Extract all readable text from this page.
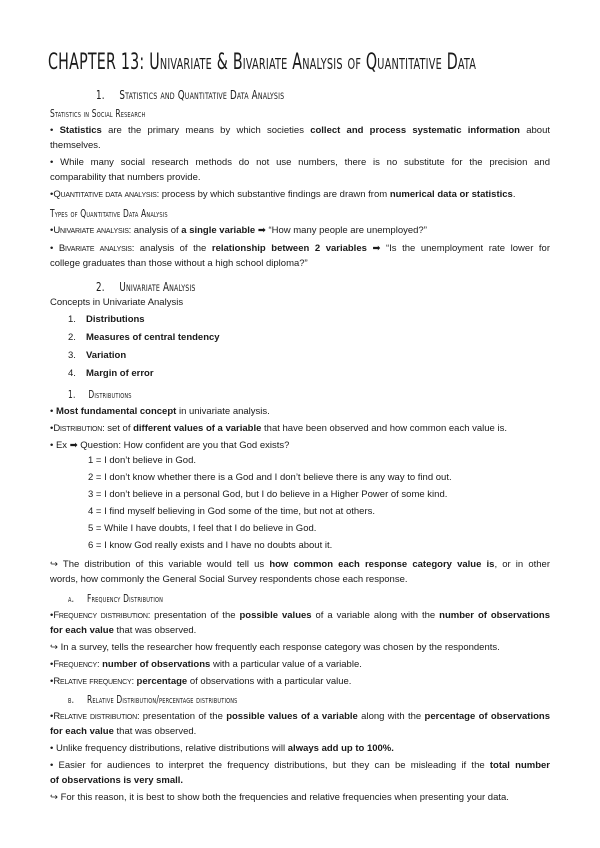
CHAPTER 13: Univariate & Bivariate Analysis of Quantitative Data
1. Statistics and Quantitative Data Analysis
Statistics in Social Research
• Statistics are the primary means by which societies collect and process systematic information about
themselves.
• While many social research methods do not use numbers, there is no substitute for the precision and
comparability that numbers provide.
•Quantitative data analysis: process by which substantive findings are drawn from numerical data or statistics.
Types of Quantitative Data Analysis
•Univariate analysis: analysis of a single variable ➡ “How many people are unemployed?”
• Bivariate analysis: analysis of the relationship between 2 variables ➡ “Is the unemployment rate lower for
college graduates than those without a high school diploma?”
2. Univariate Analysis
Concepts in Univariate Analysis
1. Distributions
2. Measures of central tendency
3. Variation
4. Margin of error
1. Distributions
• Most fundamental concept in univariate analysis.
•Distribution: set of different values of a variable that have been observed and how common each value is.
• Ex ➡ Question: How confident are you that God exists?
1 = I don’t believe in God.
2 = I don’t know whether there is a God and I don’t believe there is any way to find out.
3 = I don’t believe in a personal God, but I do believe in a Higher Power of some kind.
4 = I find myself believing in God some of the time, but not at others.
5 = While I have doubts, I feel that I do believe in God.
6 = I know God really exists and I have no doubts about it.
↪ The distribution of this variable would tell us how common each response category value is, or in other
words, how commonly the General Social Survey respondents chose each response.
a. Frequency Distribution
•Frequency distribution: presentation of the possible values of a variable along with the number of observations
for each value that was observed.
↪ In a survey, tells the researcher how frequently each response category was chosen by the respondents.
•Frequency: number of observations with a particular value of a variable.
•Relative frequency: percentage of observations with a particular value.
b. Relative Distribution/percentage distributions
•Relative distribution: presentation of the possible values of a variable along with the percentage of observations
for each value that was observed.
• Unlike frequency distributions, relative distributions will always add up to 100%.
• Easier for audiences to interpret the frequency distributions, but they can be misleading if the total number
of observations is very small.
↪ For this reason, it is best to show both the frequencies and relative frequencies when presenting your data.
